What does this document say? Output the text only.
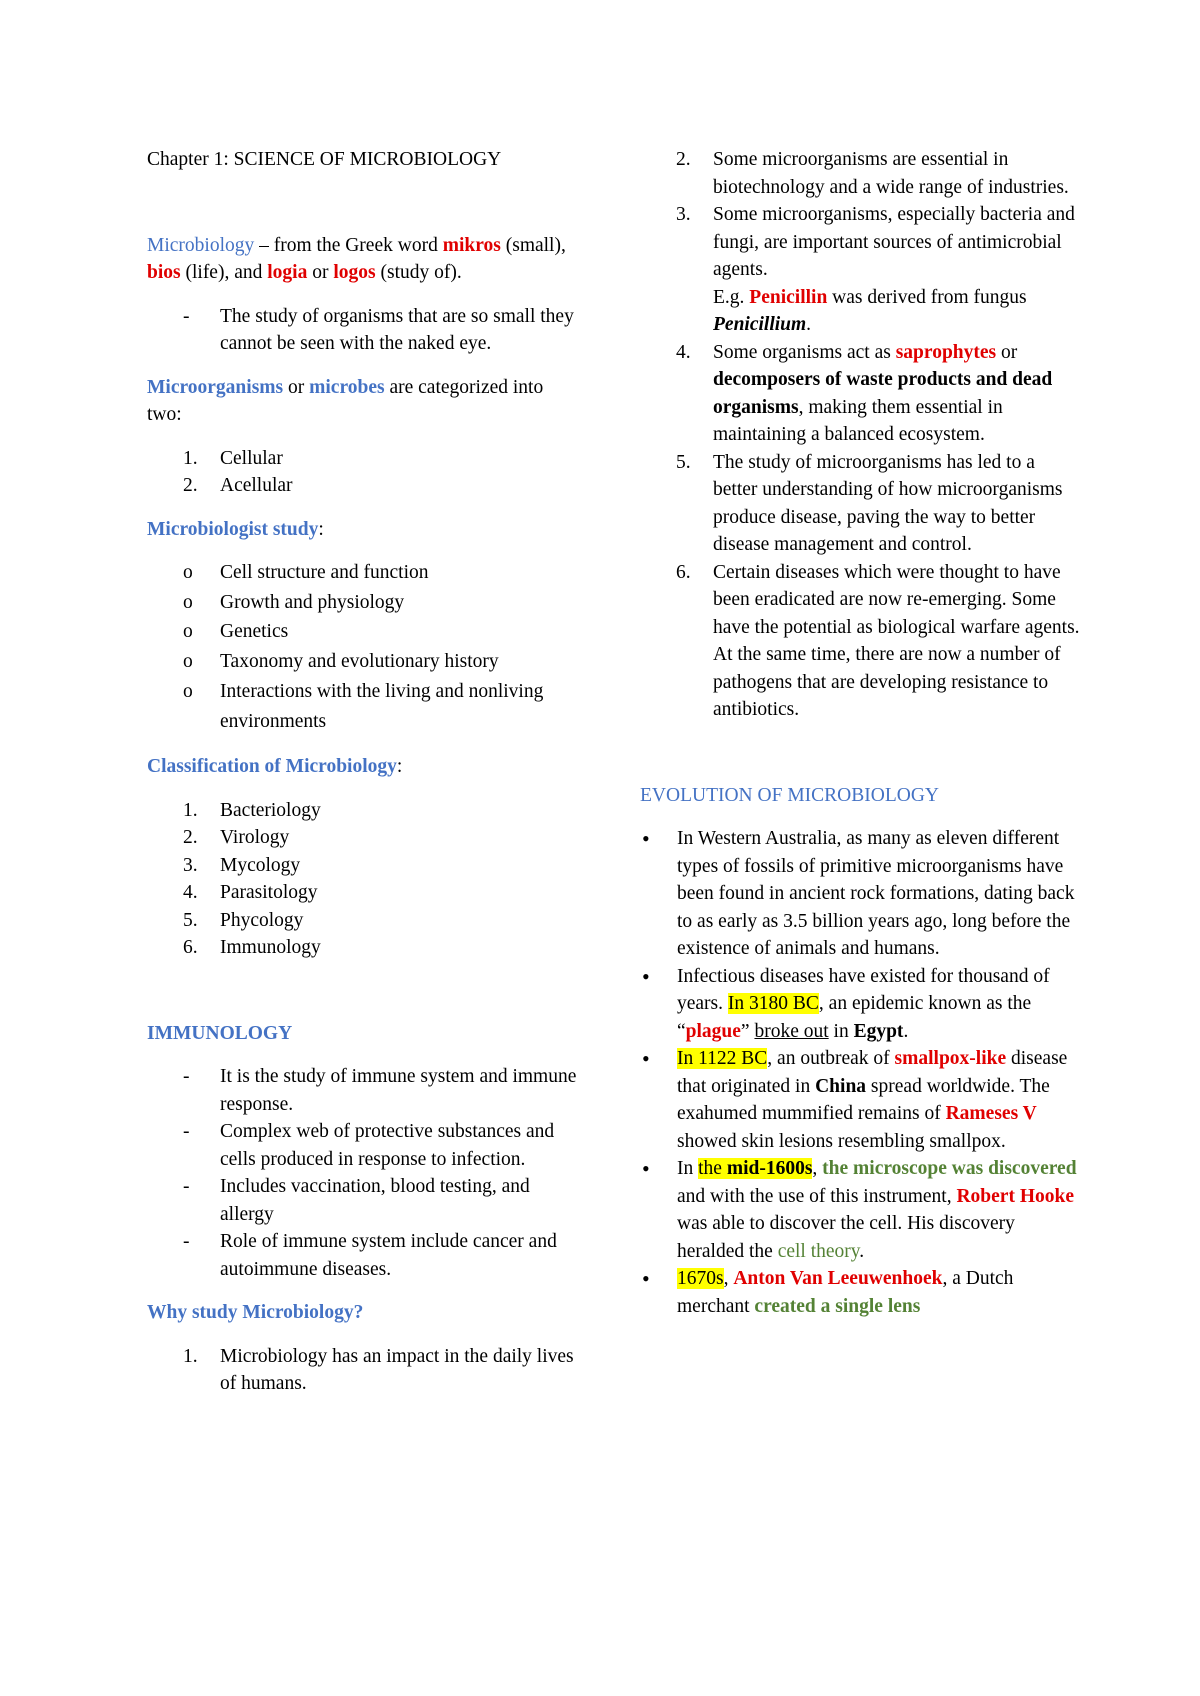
Chapter 1: SCIENCE OF MICROBIOLOGY

Microbiology – from the Greek word mikros (small), bios (life), and logia or logos (study of).

- The study of organisms that are so small they cannot be seen with the naked eye.

Microorganisms or microbes are categorized into two:

1. Cellular
2. Acellular

Microbiologist study:

o Cell structure and function
o Growth and physiology
o Genetics
o Taxonomy and evolutionary history
o Interactions with the living and nonliving environments

Classification of Microbiology:

1. Bacteriology
2. Virology
3. Mycology
4. Parasitology
5. Phycology
6. Immunology

IMMUNOLOGY

- It is the study of immune system and immune response.
- Complex web of protective substances and cells produced in response to infection.
- Includes vaccination, blood testing, and allergy
- Role of immune system include cancer and autoimmune diseases.

Why study Microbiology?

1. Microbiology has an impact in the daily lives of humans.
2. Some microorganisms are essential in biotechnology and a wide range of industries.
3. Some microorganisms, especially bacteria and fungi, are important sources of antimicrobial agents.
E.g. Penicillin was derived from fungus Penicillium.
4. Some organisms act as saprophytes or decomposers of waste products and dead organisms, making them essential in maintaining a balanced ecosystem.
5. The study of microorganisms has led to a better understanding of how microorganisms produce disease, paving the way to better disease management and control.
6. Certain diseases which were thought to have been eradicated are now re-emerging. Some have the potential as biological warfare agents. At the same time, there are now a number of pathogens that are developing resistance to antibiotics.

EVOLUTION OF MICROBIOLOGY

• In Western Australia, as many as eleven different types of fossils of primitive microorganisms have been found in ancient rock formations, dating back to as early as 3.5 billion years ago, long before the existence of animals and humans.
• Infectious diseases have existed for thousand of years. In 3180 BC, an epidemic known as the “plague” broke out in Egypt.
• In 1122 BC, an outbreak of smallpox-like disease that originated in China spread worldwide. The exahumed mummified remains of Rameses V showed skin lesions resembling smallpox.
• In the mid-1600s, the microscope was discovered and with the use of this instrument, Robert Hooke was able to discover the cell. His discovery heralded the cell theory.
• 1670s, Anton Van Leeuwenhoek, a Dutch merchant created a single lens
